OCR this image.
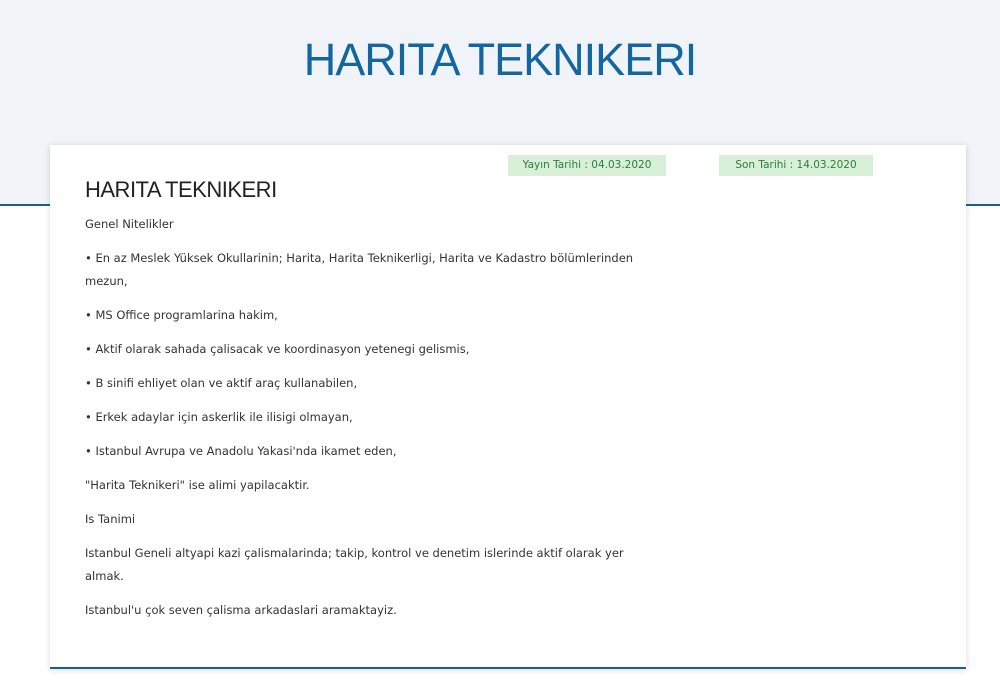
HARITA TEKNIKERI
Yayın Tarihi : 04.03.2020	Son Tarihi : 14.03.2020
HARITA TEKNIKERI

Genel Nitelikler

• En az Meslek Yüksek Okullarinin; Harita, Harita Teknikerligi, Harita ve Kadastro bölümlerinden mezun,

• MS Office programlarina hakim,

• Aktif olarak sahada çalisacak ve koordinasyon yetenegi gelismis,

• B sinifi ehliyet olan ve aktif araç kullanabilen,

• Erkek adaylar için askerlik ile ilisigi olmayan,

• Istanbul Avrupa ve Anadolu Yakasi'nda ikamet eden,

"Harita Teknikeri" ise alimi yapilacaktir.

Is Tanimi

Istanbul Geneli altyapi kazi çalismalarinda; takip, kontrol ve denetim islerinde aktif olarak yer almak.

Istanbul'u çok seven çalisma arkadaslari aramaktayiz.
